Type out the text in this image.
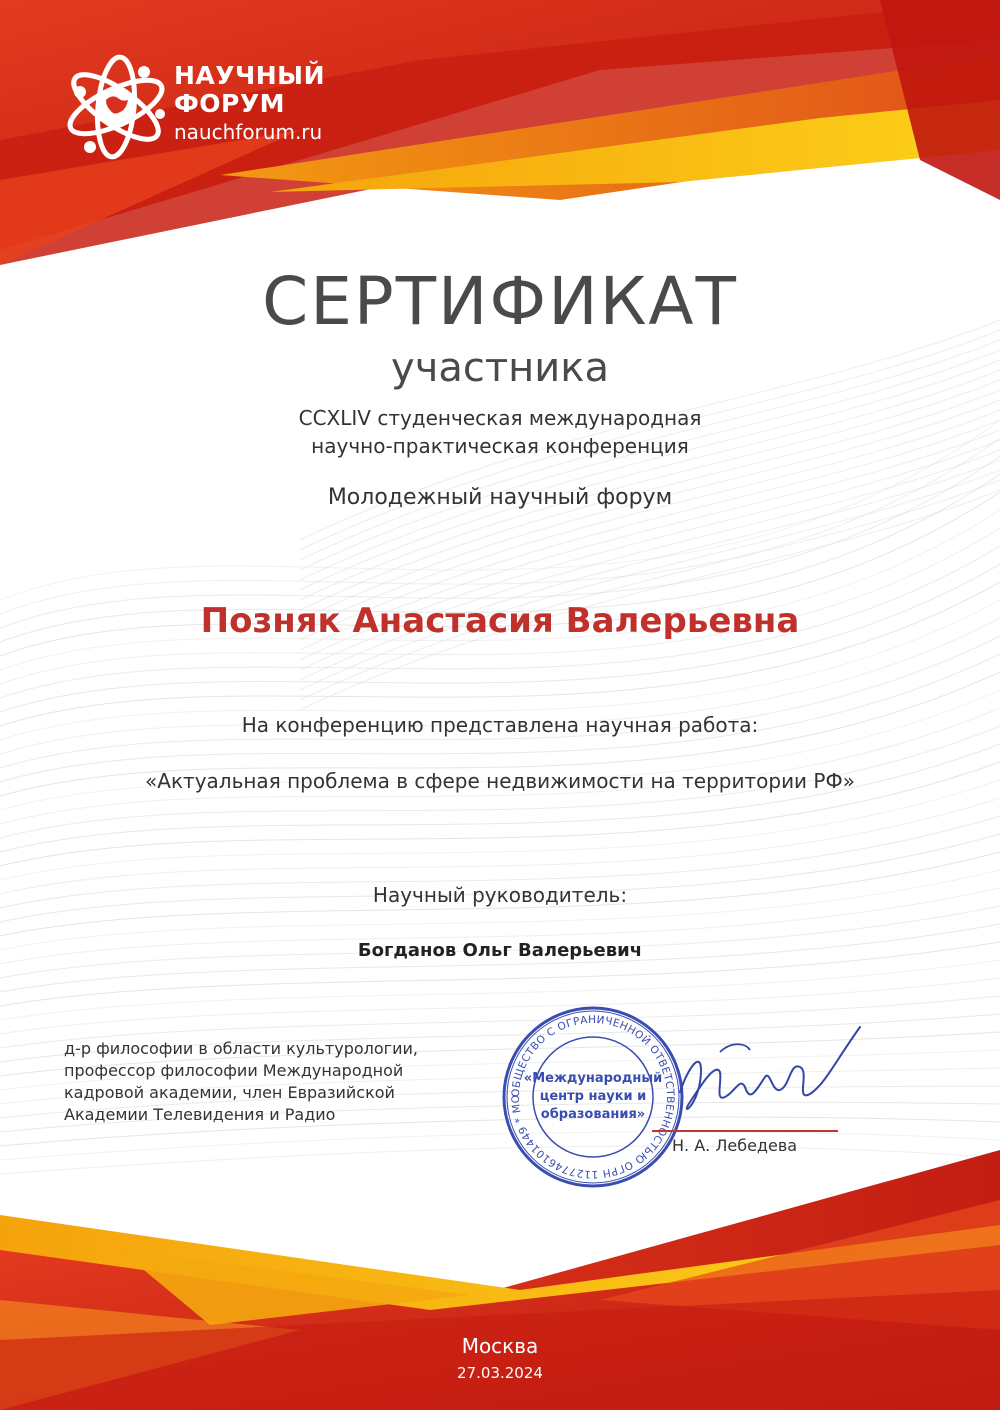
НАУЧНЫЙ
ФОРУМ
nauchforum.ru
СЕРТИФИКАТ
участника
CCXLIV студенческая международная
научно-практическая конференция
Молодежный научный форум
Позняк Анастасия Валерьевна
На конференцию представлена научная работа:
«Актуальная проблема в сфере недвижимости на территории РФ»
Научный руководитель:
Богданов Ольг Валерьевич
д-р философии в области культурологии,
профессор философии Международной
кадровой академии, член Евразийской
Академии Телевидения и Радио
ОБЩЕСТВО С ОГРАНИЧЕННОЙ ОТВЕТСТВЕНН СТЬЮ ОГРН 1127746101449 * МО
«Международный
центр науки и
образования»
Н. А. Лебедева
Москва
27.03.2024
